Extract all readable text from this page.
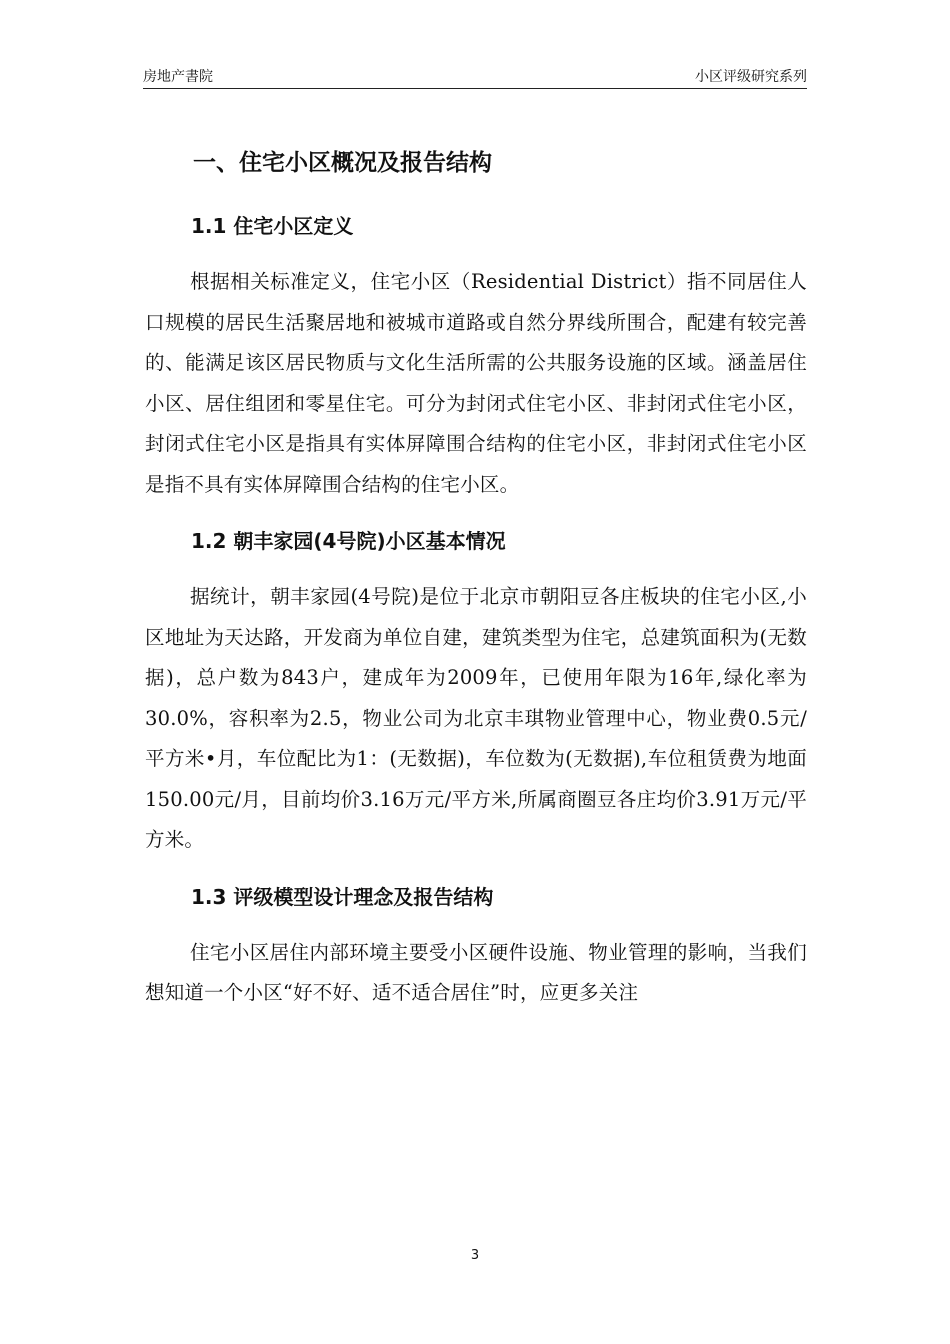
房地产書院	小区评级研究系列
一、住宅小区概况及报告结构
1.1 住宅小区定义

根据相关标准定义，住宅小区（Residential District）指不同居住人口规模的居民生活聚居地和被城市道路或自然分界线所围合，配建有较完善的、能满足该区居民物质与文化生活所需的公共服务设施的区域。涵盖居住小区、居住组团和零星住宅。可分为封闭式住宅小区、非封闭式住宅小区，封闭式住宅小区是指具有实体屏障围合结构的住宅小区，非封闭式住宅小区是指不具有实体屏障围合结构的住宅小区。

1.2 朝丰家园(4号院)小区基本情况

据统计，朝丰家园(4号院)是位于北京市朝阳豆各庄板块的住宅小区,小区地址为天达路，开发商为单位自建，建筑类型为住宅，总建筑面积为(无数据)，总户数为843户，建成年为2009年，已使用年限为16年,绿化率为30.0%，容积率为2.5，物业公司为北京丰琪物业管理中心，物业费0.5元/平方米•月，车位配比为1：(无数据)，车位数为(无数据),车位租赁费为地面150.00元/月，目前均价3.16万元/平方米,所属商圈豆各庄均价3.91万元/平方米。

1.3 评级模型设计理念及报告结构

住宅小区居住内部环境主要受小区硬件设施、物业管理的影响，当我们想知道一个小区“好不好、适不适合居住”时，应更多关注

3
